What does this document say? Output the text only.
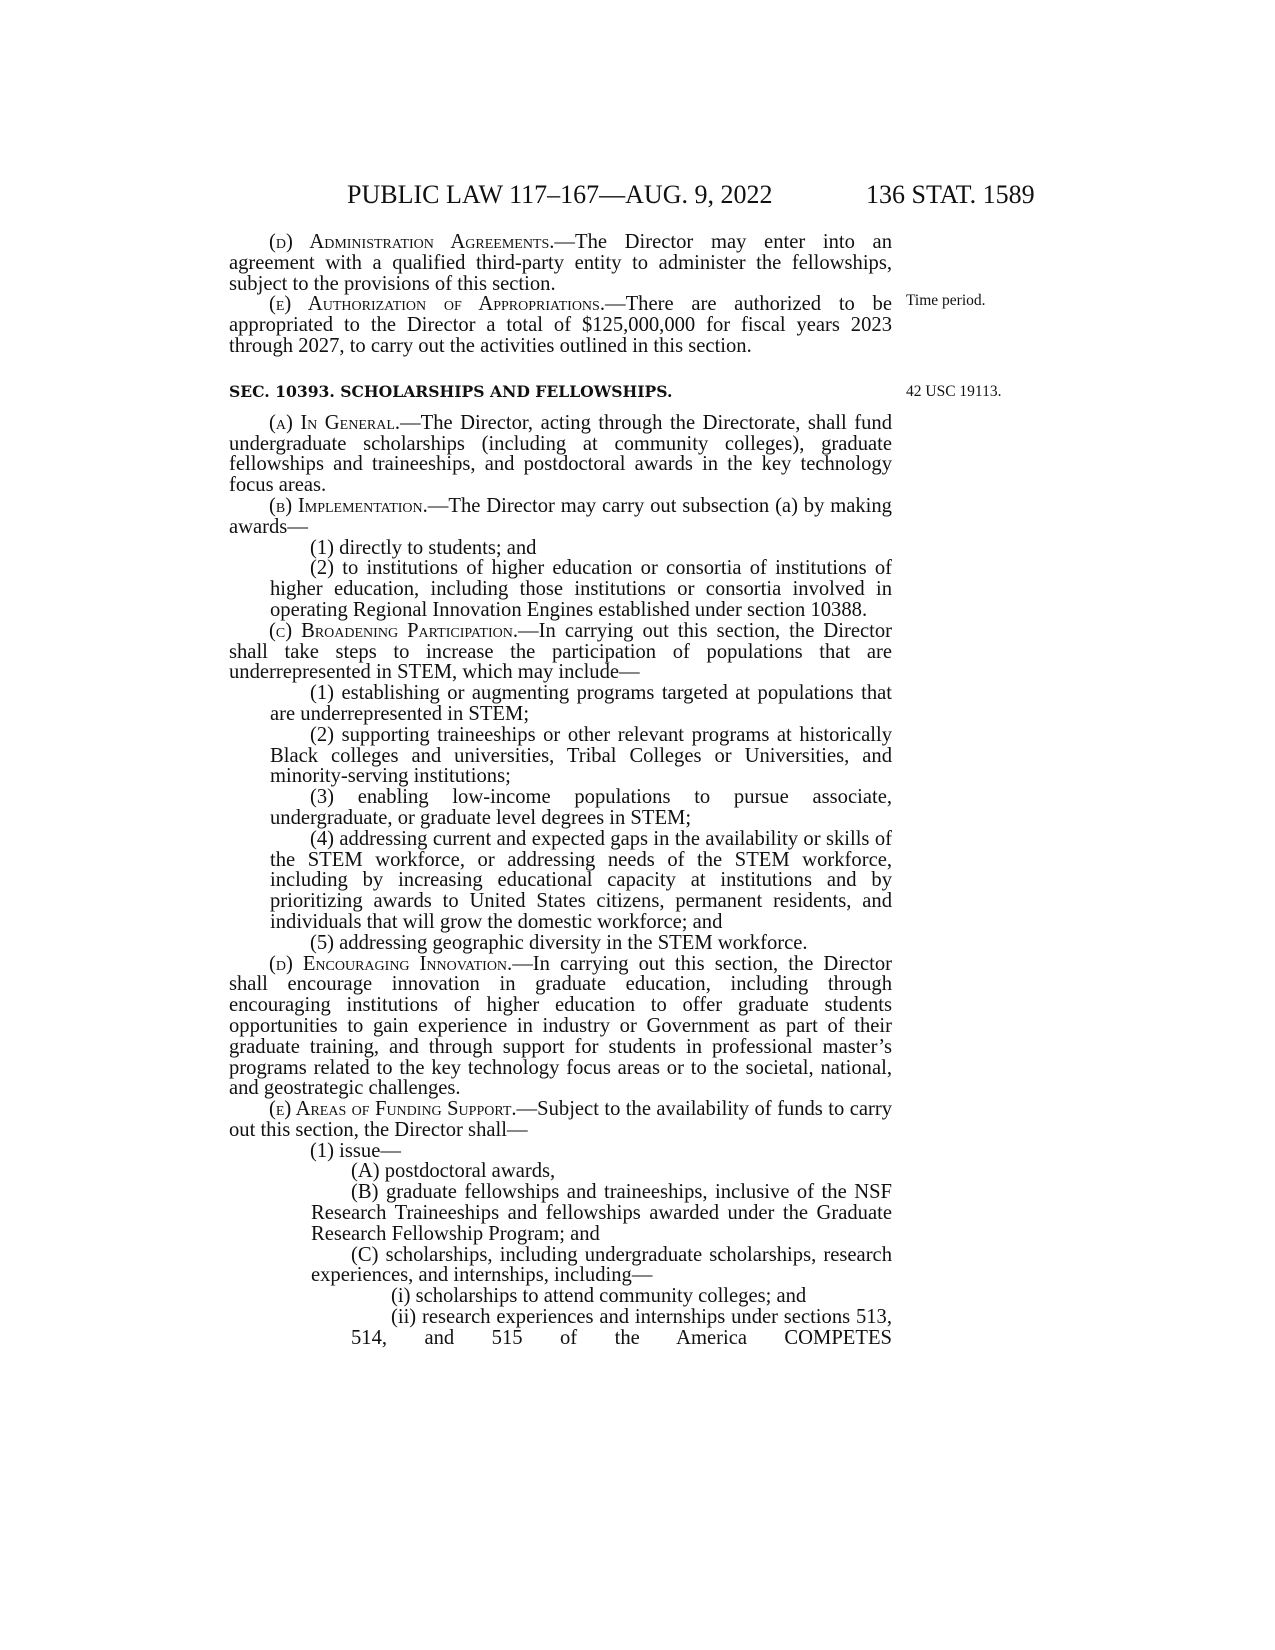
PUBLIC LAW 117–167—AUG. 9, 2022	136 STAT. 1589
Time period.
42 USC 19113.

(d) Administration Agreements.—The Director may enter into an agreement with a qualified third-party entity to administer the fellowships, subject to the provisions of this section.

(e) Authorization of Appropriations.—There are authorized to be appropriated to the Director a total of $125,000,000 for fiscal years 2023 through 2027, to carry out the activities outlined in this section.

SEC. 10393. SCHOLARSHIPS AND FELLOWSHIPS.

(a) In General.—The Director, acting through the Directorate, shall fund undergraduate scholarships (including at community colleges), graduate fellowships and traineeships, and postdoctoral awards in the key technology focus areas.

(b) Implementation.—The Director may carry out subsection (a) by making awards—

(1) directly to students; and

(2) to institutions of higher education or consortia of institutions of higher education, including those institutions or consortia involved in operating Regional Innovation Engines established under section 10388.

(c) Broadening Participation.—In carrying out this section, the Director shall take steps to increase the participation of populations that are underrepresented in STEM, which may include—

(1) establishing or augmenting programs targeted at populations that are underrepresented in STEM;

(2) supporting traineeships or other relevant programs at historically Black colleges and universities, Tribal Colleges or Universities, and minority-serving institutions;

(3) enabling low-income populations to pursue associate, undergraduate, or graduate level degrees in STEM;

(4) addressing current and expected gaps in the availability or skills of the STEM workforce, or addressing needs of the STEM workforce, including by increasing educational capacity at institutions and by prioritizing awards to United States citizens, permanent residents, and individuals that will grow the domestic workforce; and

(5) addressing geographic diversity in the STEM workforce.

(d) Encouraging Innovation.—In carrying out this section, the Director shall encourage innovation in graduate education, including through encouraging institutions of higher education to offer graduate students opportunities to gain experience in industry or Government as part of their graduate training, and through support for students in professional master’s programs related to the key technology focus areas or to the societal, national, and geostrategic challenges.

(e) Areas of Funding Support.—Subject to the availability of funds to carry out this section, the Director shall—

(1) issue—

(A) postdoctoral awards,

(B) graduate fellowships and traineeships, inclusive of the NSF Research Traineeships and fellowships awarded under the Graduate Research Fellowship Program; and

(C) scholarships, including undergraduate scholarships, research experiences, and internships, including—

(i) scholarships to attend community colleges; and

(ii) research experiences and internships under sections 513, 514, and 515 of the America COMPETES
